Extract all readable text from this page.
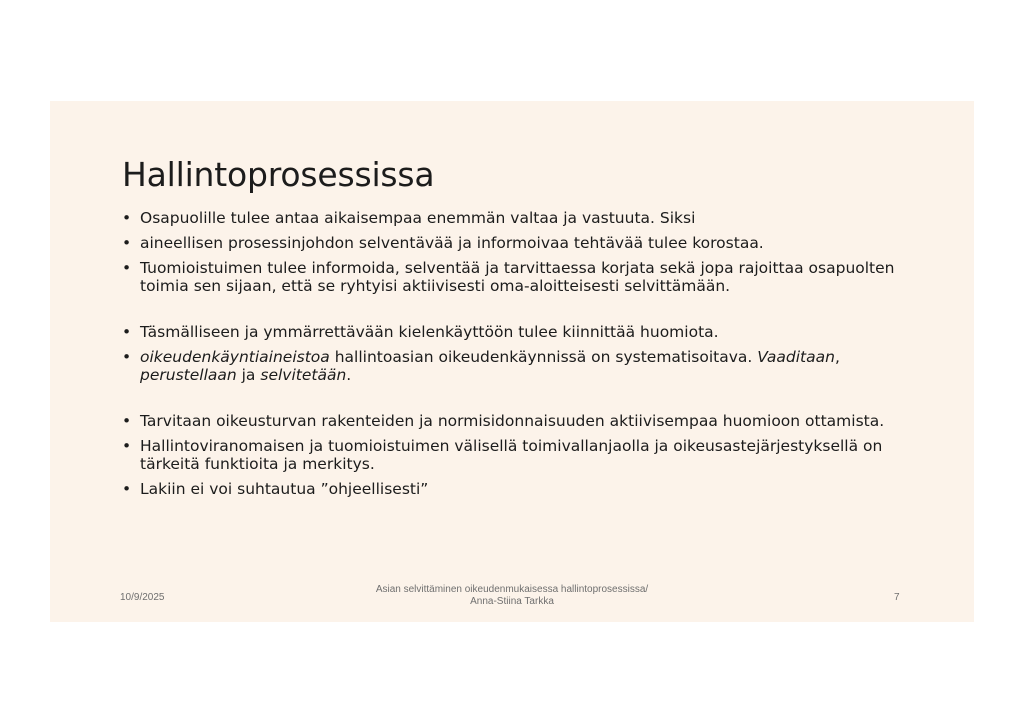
Hallintoprosessissa
• Osapuolille tulee antaa aikaisempaa enemmän valtaa ja vastuuta. Siksi
• aineellisen prosessinjohdon selventävää ja informoivaa tehtävää tulee korostaa.
• Tuomioistuimen tulee informoida, selventää ja tarvittaessa korjata sekä jopa rajoittaa osapuolten toimia sen sijaan, että se ryhtyisi aktiivisesti oma-aloitteisesti selvittämään.
• Täsmälliseen ja ymmärrettävään kielenkäyttöön tulee kiinnittää huomiota.
• oikeudenkäyntiaineistoa hallintoasian oikeudenkäynnissä on systematisoitava. Vaaditaan, perustellaan ja selvitetään.
• Tarvitaan oikeusturvan rakenteiden ja normisidonnaisuuden aktiivisempaa huomioon ottamista.
• Hallintoviranomaisen ja tuomioistuimen välisellä toimivallanjaolla ja oikeusastejärjestyksellä on tärkeitä funktioita ja merkitys.
• Lakiin ei voi suhtautua ”ohjeellisesti”
10/9/2025
Asian selvittäminen oikeudenmukaisessa hallintoprosessissa/
Anna-Stiina Tarkka	7
